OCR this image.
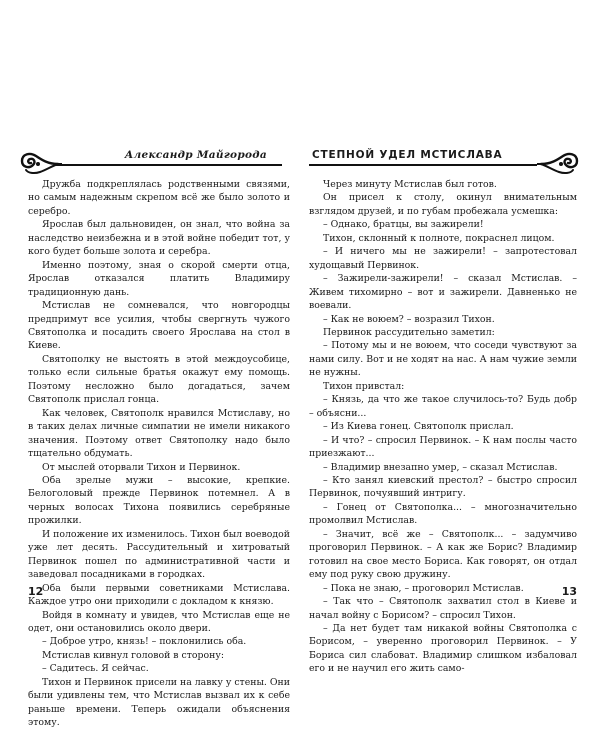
Александр Майгорода

Дружба подкреплялась родственными связями, но самым надежным скрепом всё же было золото и серебро.

Ярослав был дальновиден, он знал, что война за наследство неизбежна и в этой войне победит тот, у кого будет больше золота и серебра.

Именно поэтому, зная о скорой смерти отца, Ярослав отказался платить Владимиру традиционную дань.

Мстислав не сомневался, что новгородцы предпримут все усилия, чтобы свергнуть чужого Святополка и посадить своего Ярослава на стол в Киеве.

Святополку не выстоять в этой междоусобице, только если сильные братья окажут ему помощь. Поэтому несложно было догадаться, зачем Святополк прислал гонца.

Как человек, Святополк нравился Мстиславу, но в таких делах личные симпатии не имели никакого значения. Поэтому ответ Святополку надо было тщательно обдумать.

От мыслей оторвали Тихон и Первинок.

Оба зрелые мужи – высокие, крепкие. Белоголовый прежде Первинок потемнел. А в черных волосах Тихона появились серебряные прожилки.

И положение их изменилось. Тихон был воеводой уже лет десять. Рассудительный и хитроватый Первинок пошел по административной части и заведовал посадниками в городках.

Оба были первыми советниками Мстислава. Каждое утро они приходили с докладом к князю.

Войдя в комнату и увидев, что Мстислав еще не одет, они остановились около двери.

– Доброе утро, князь! – поклонились оба.

Мстислав кивнул головой в сторону:

– Садитесь. Я сейчас.

Тихон и Первинок присели на лавку у стены. Они были удивлены тем, что Мстислав вызвал их к себе раньше времени. Теперь ожидали объяснения этому.

12
СТЕПНОЙ УДЕЛ МСТИСЛАВА

Через минуту Мстислав был готов.

Он присел к столу, окинул внимательным взглядом друзей, и по губам пробежала усмешка:

– Однако, братцы, вы зажирели!

Тихон, склонный к полноте, покраснел лицом.

– И ничего мы не зажирели! – запротестовал худощавый Первинок.

– Зажирели-зажирели! – сказал Мстислав. – Живем тихомирно – вот и зажирели. Давненько не воевали.

– Как не воюем? – возразил Тихон.

Первинок рассудительно заметил:

– Потому мы и не воюем, что соседи чувствуют за нами силу. Вот и не ходят на нас. А нам чужие земли не нужны.

Тихон привстал:

– Князь, да что же такое случилось-то? Будь добр – объясни...

– Из Киева гонец. Святополк прислал.

– И что? – спросил Первинок. – К нам послы часто приезжают...

– Владимир внезапно умер, – сказал Мстислав.

– Кто занял киевский престол? – быстро спросил Первинок, почуявший интригу.

– Гонец от Святополка... – многозначительно промолвил Мстислав.

– Значит, всё же – Святополк... – задумчиво проговорил Первинок. – А как же Борис? Владимир готовил на свое место Бориса. Как говорят, он отдал ему под руку свою дружину.

– Пока не знаю, – проговорил Мстислав.

– Так что – Святополк захватил стол в Киеве и начал войну с Борисом? – спросил Тихон.

– Да нет будет там никакой войны Святополка с Борисом, – уверенно проговорил Первинок. – У Бориса сил слабоват. Владимир слишком избаловал его и не научил его жить само-

13
